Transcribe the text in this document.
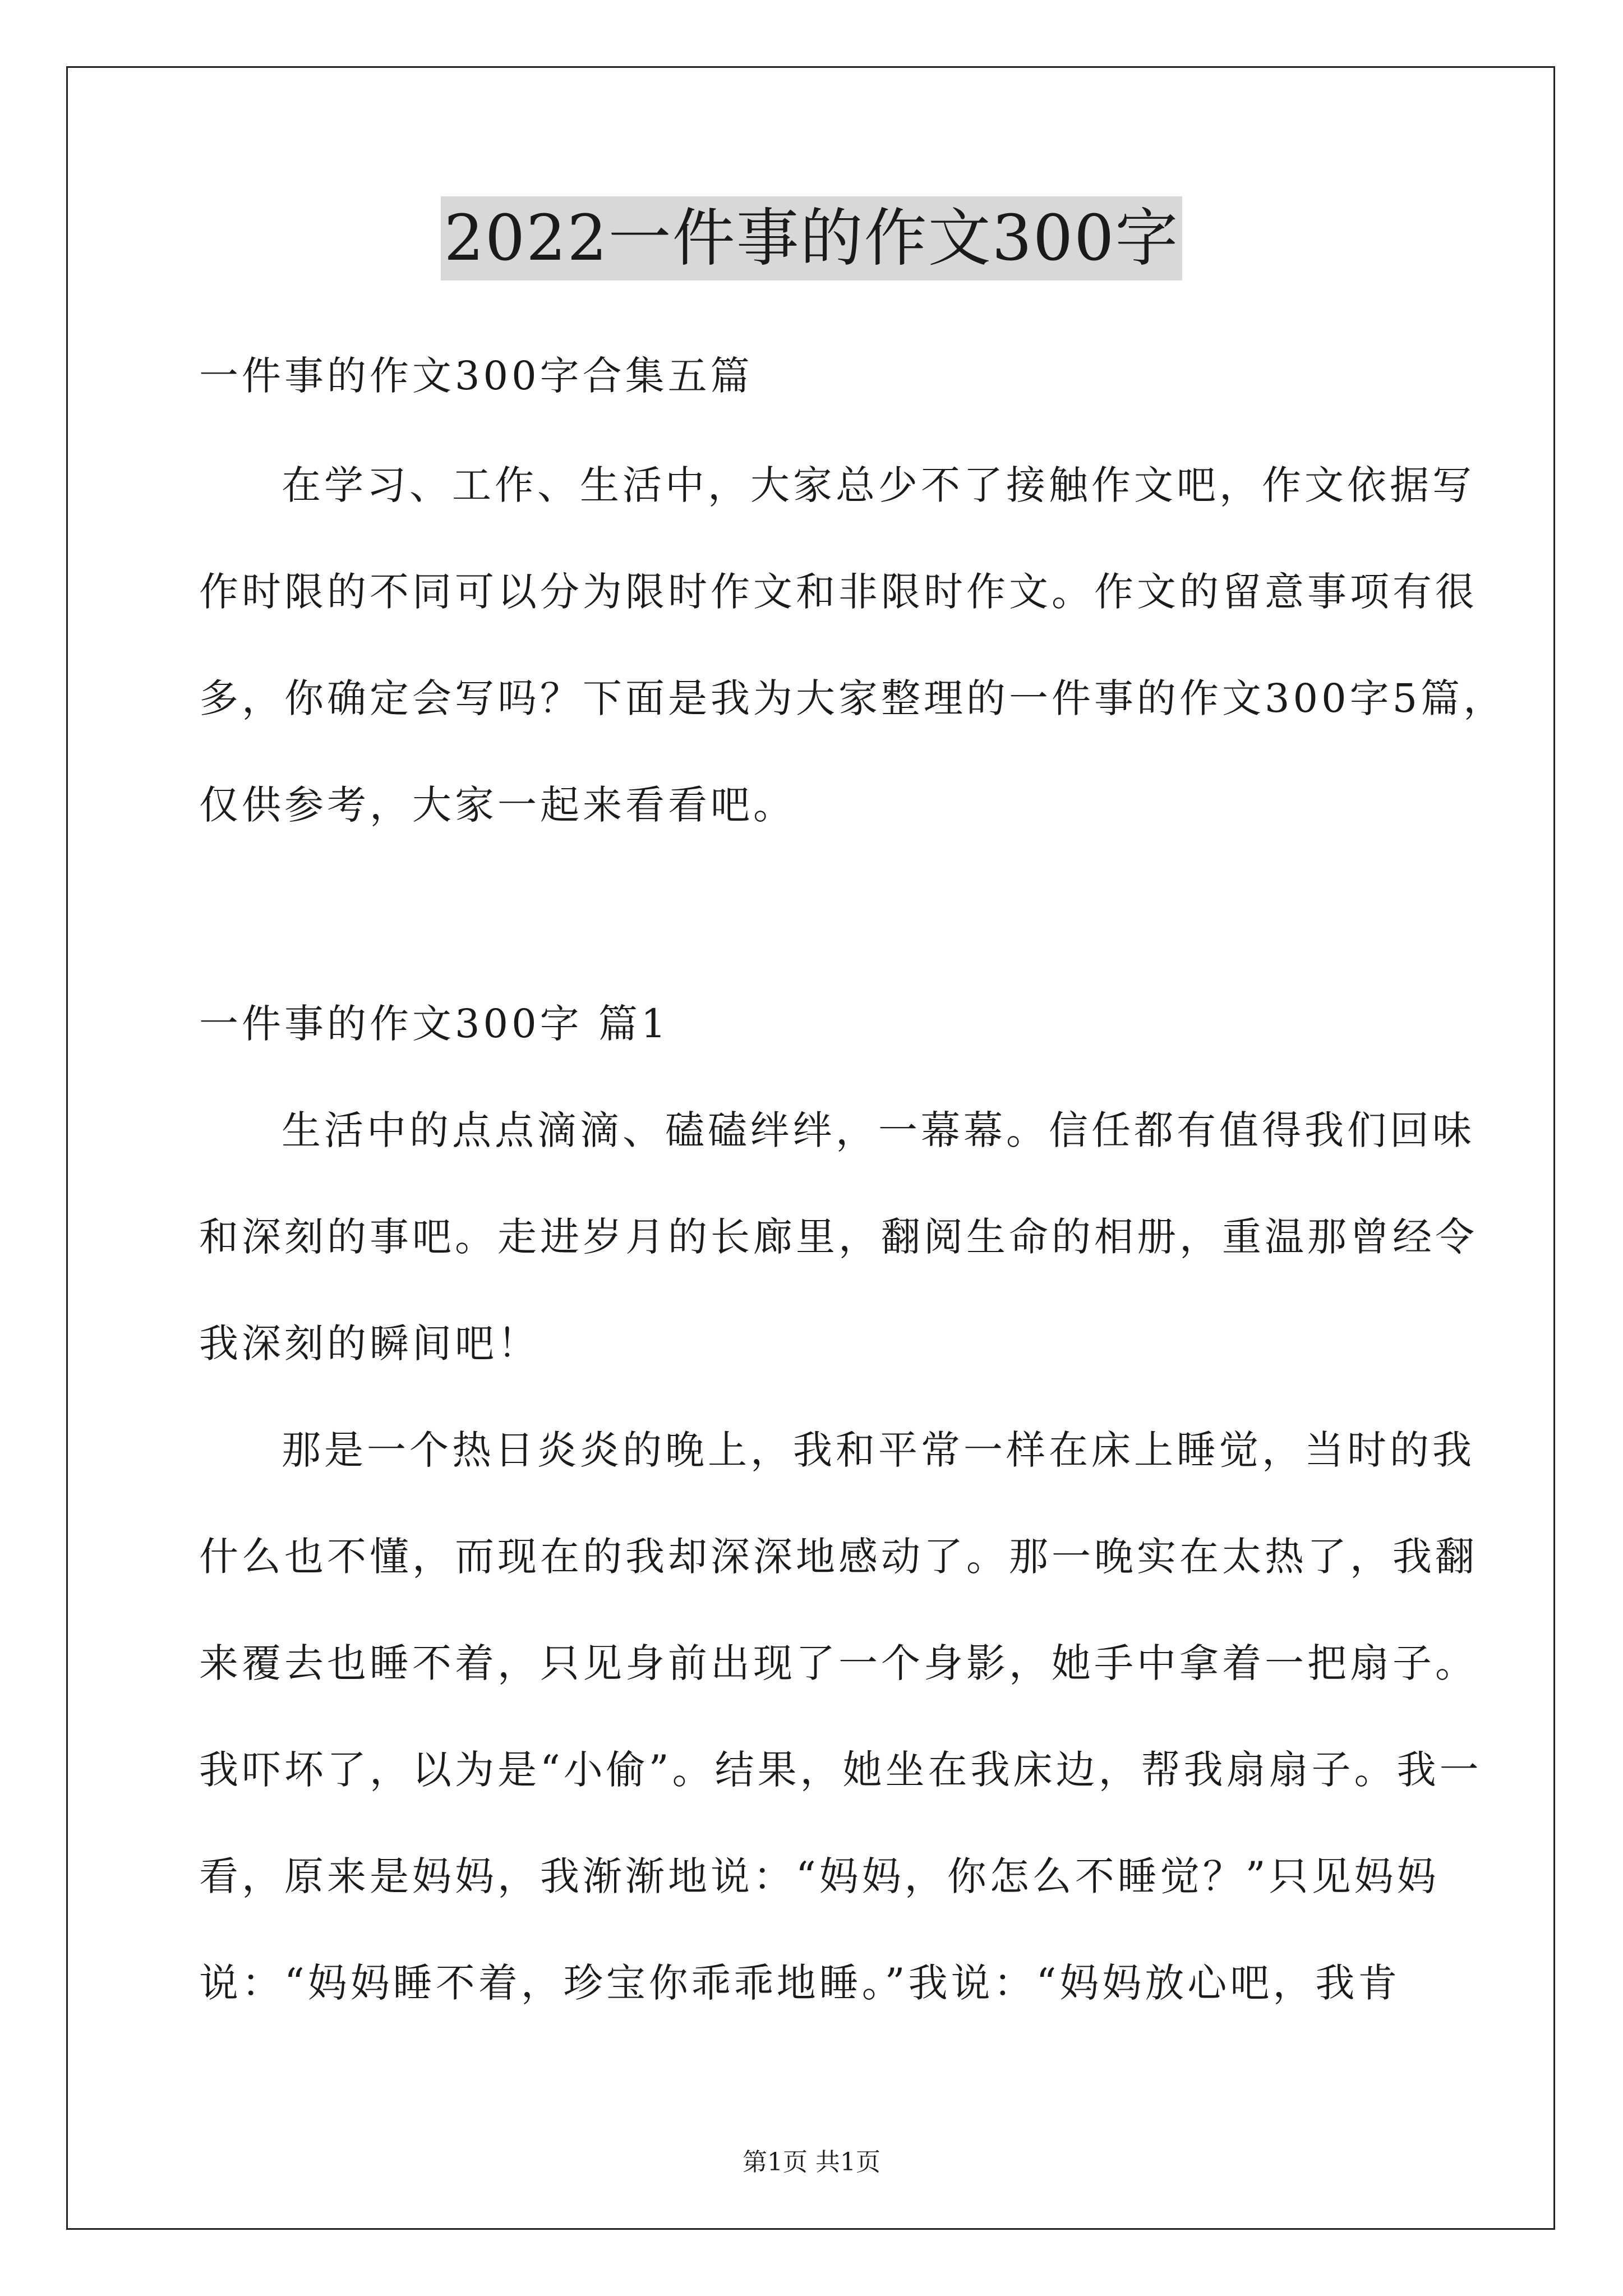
2022一件事的作文300字
一件事的作文300字合集五篇
在学习、工作、生活中，大家总少不了接触作文吧，作文依据写
作时限的不同可以分为限时作文和非限时作文。作文的留意事项有很
多，你确定会写吗？下面是我为大家整理的一件事的作文300字5篇，
仅供参考，大家一起来看看吧。
一件事的作文300字 篇1
生活中的点点滴滴、磕磕绊绊，一幕幕。信任都有值得我们回味
和深刻的事吧。走进岁月的长廊里，翻阅生命的相册，重温那曾经令
我深刻的瞬间吧！
那是一个热日炎炎的晚上，我和平常一样在床上睡觉，当时的我
什么也不懂，而现在的我却深深地感动了。那一晚实在太热了，我翻
来覆去也睡不着，只见身前出现了一个身影，她手中拿着一把扇子。
我吓坏了，以为是“小偷”。结果，她坐在我床边，帮我扇扇子。我一
看，原来是妈妈，我渐渐地说：“妈妈，你怎么不睡觉？”只见妈妈
说：“妈妈睡不着，珍宝你乖乖地睡。”我说：“妈妈放心吧，我肯
第1页 共1页
